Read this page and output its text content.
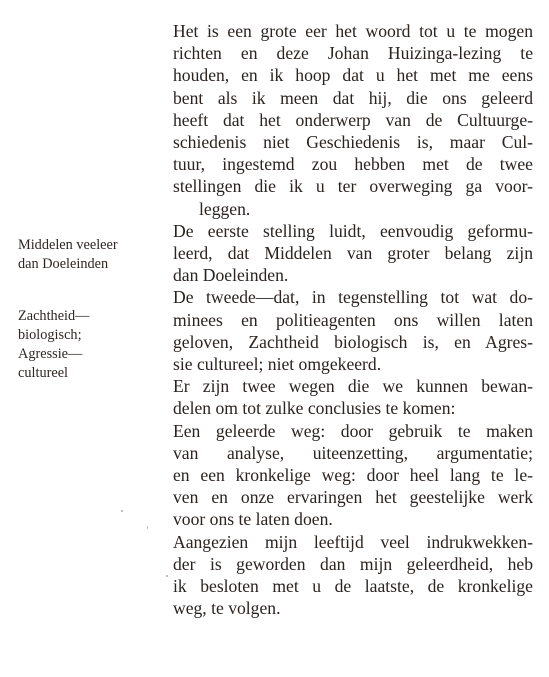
Middelen veeleer
dan Doeleinden
Zachtheid—
biologisch;
Agressie—
cultureel
Het is een grote eer het woord tot u te mogen
richten en deze Johan Huizinga-lezing te
houden, en ik hoop dat u het met me eens
bent als ik meen dat hij, die ons geleerd
heeft dat het onderwerp van de Cultuurge-
schiedenis niet Geschiedenis is, maar Cul-
tuur, ingestemd zou hebben met de twee
stellingen die ik u ter overweging ga voor-
leggen.
De eerste stelling luidt, eenvoudig geformu-
leerd, dat Middelen van groter belang zijn
dan Doeleinden.
De tweede—dat, in tegenstelling tot wat do-
minees en politieagenten ons willen laten
geloven, Zachtheid biologisch is, en Agres-
sie cultureel; niet omgekeerd.
Er zijn twee wegen die we kunnen bewan-
delen om tot zulke conclusies te komen:
Een geleerde weg: door gebruik te maken
van analyse, uiteenzetting, argumentatie;
en een kronkelige weg: door heel lang te le-
ven en onze ervaringen het geestelijke werk
voor ons te laten doen.
Aangezien mijn leeftijd veel indrukwekken-
der is geworden dan mijn geleerdheid, heb
ik besloten met u de laatste, de kronkelige
weg, te volgen.
